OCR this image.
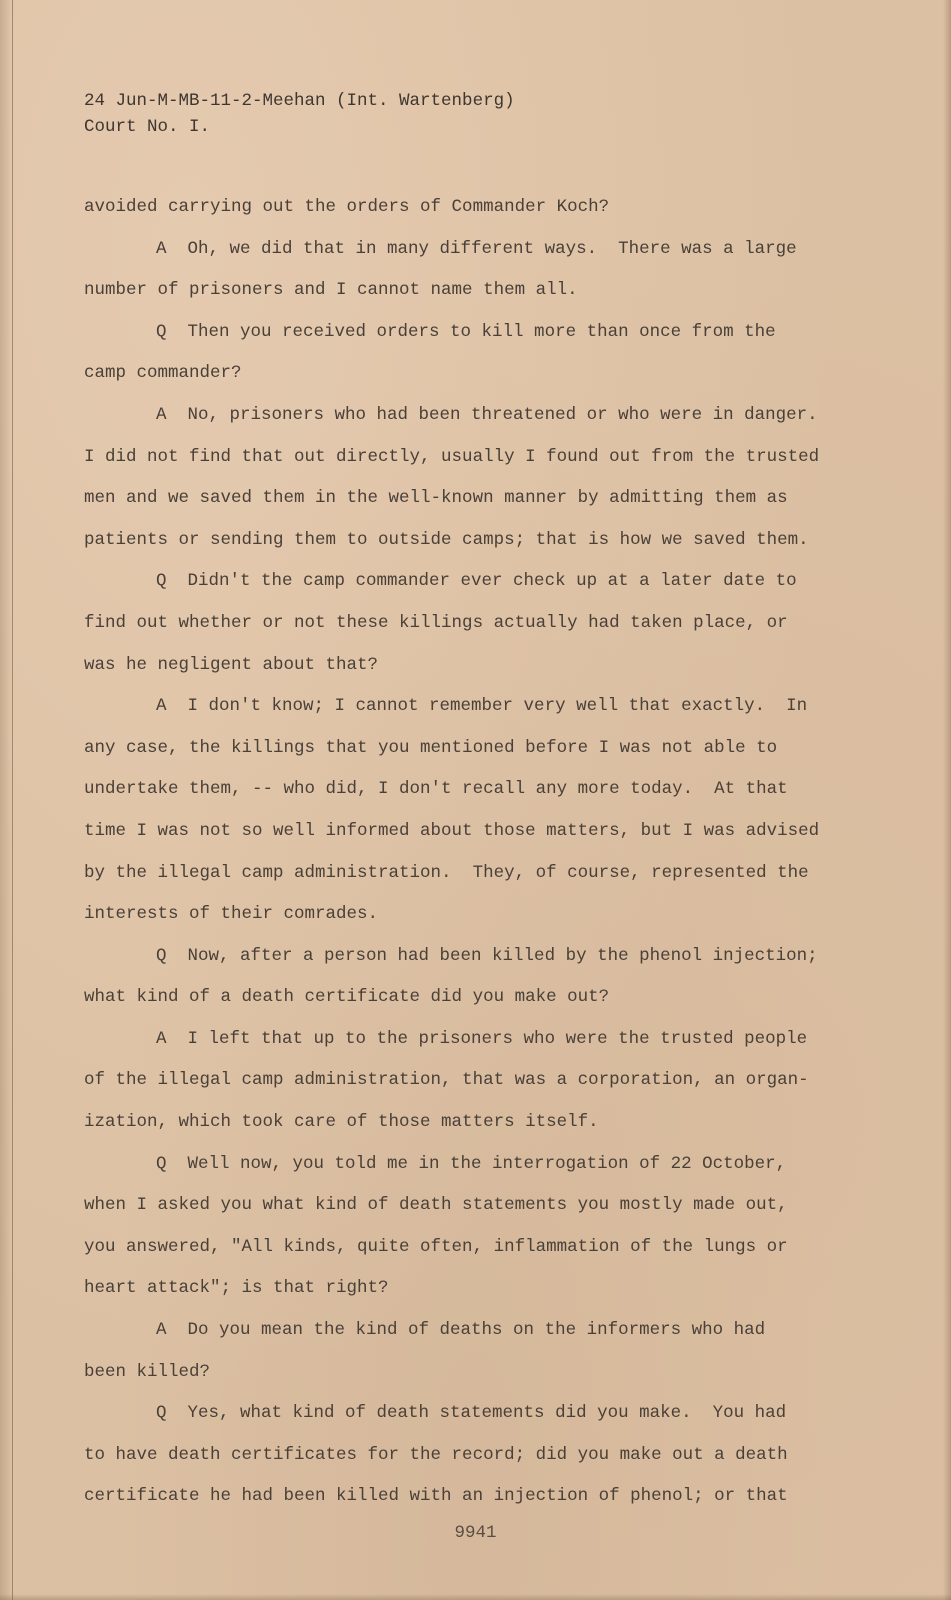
24 Jun-M-MB-11-2-Meehan (Int. Wartenberg)
Court No. I.
avoided carrying out the orders of Commander Koch?
A  Oh, we did that in many different ways.  There was a large
number of prisoners and I cannot name them all.
Q  Then you received orders to kill more than once from the
camp commander?
A  No, prisoners who had been threatened or who were in danger.
I did not find that out directly, usually I found out from the trusted
men and we saved them in the well-known manner by admitting them as
patients or sending them to outside camps; that is how we saved them.
Q  Didn't the camp commander ever check up at a later date to
find out whether or not these killings actually had taken place, or
was he negligent about that?
A  I don't know; I cannot remember very well that exactly.  In
any case, the killings that you mentioned before I was not able to
undertake them, -- who did, I don't recall any more today.  At that
time I was not so well informed about those matters, but I was advised
by the illegal camp administration.  They, of course, represented the
interests of their comrades.
Q  Now, after a person had been killed by the phenol injection;
what kind of a death certificate did you make out?
A  I left that up to the prisoners who were the trusted people
of the illegal camp administration, that was a corporation, an organ-
ization, which took care of those matters itself.
Q  Well now, you told me in the interrogation of 22 October,
when I asked you what kind of death statements you mostly made out,
you answered, "All kinds, quite often, inflammation of the lungs or
heart attack"; is that right?
A  Do you mean the kind of deaths on the informers who had
been killed?
Q  Yes, what kind of death statements did you make.  You had
to have death certificates for the record; did you make out a death
certificate he had been killed with an injection of phenol; or that
9941
